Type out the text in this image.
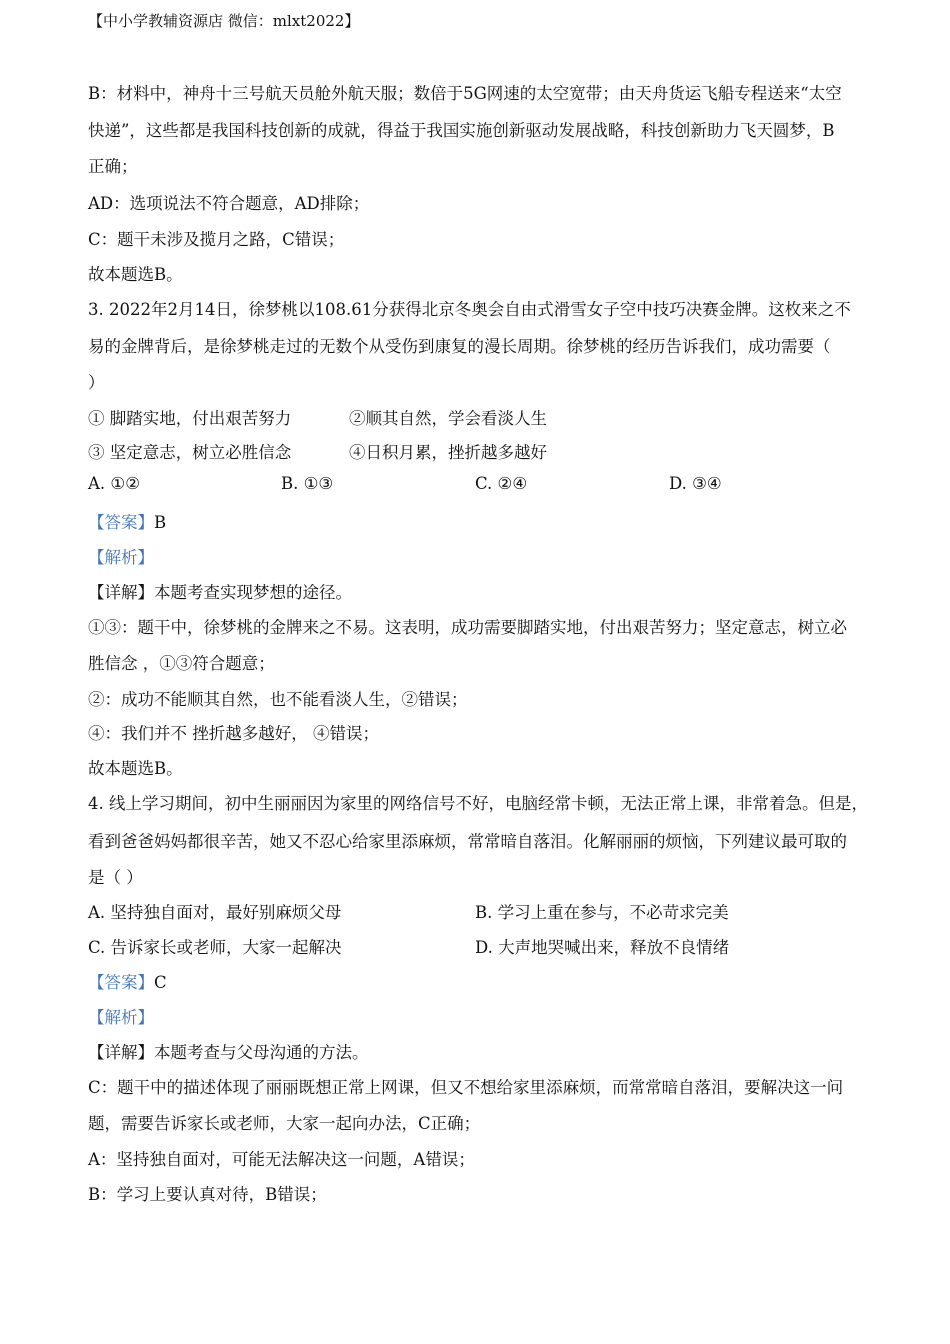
【中小学教辅资源店 微信：mlxt2022】
B：材料中，神舟十三号航天员舱外航天服；数倍于5G网速的太空宽带；由天舟货运飞船专程送来“太空
快递”，这些都是我国科技创新的成就，得益于我国实施创新驱动发展战略，科技创新助力飞天圆梦，B
正确；
AD：选项说法不符合题意，AD排除；
C：题干未涉及揽月之路，C错误；
故本题选B。
3. 2022年2月14日，徐梦桃以108.61分获得北京冬奥会自由式滑雪女子空中技巧决赛金牌。这枚来之不
易的金牌背后，是徐梦桃走过的无数个从受伤到康复的漫长周期。徐梦桃的经历告诉我们，成功需要（
）
① 脚踏实地，付出艰苦努力	②顺其自然，学会看淡人生
③ 坚定意志，树立必胜信念	④日积月累，挫折越多越好
A. ①②	B. ①③	C. ②④	D. ③④
【答案】B
【解析】
【详解】本题考查实现梦想的途径。
①③：题干中，徐梦桃的金牌来之不易。这表明，成功需要脚踏实地，付出艰苦努力；坚定意志，树立必
胜信念 ，①③符合题意；
②：成功不能顺其自然，也不能看淡人生，②错误；
④：我们并不 挫折越多越好， ④错误；
故本题选B。
4. 线上学习期间，初中生丽丽因为家里的网络信号不好，电脑经常卡顿，无法正常上课，非常着急。但是，
看到爸爸妈妈都很辛苦，她又不忍心给家里添麻烦，常常暗自落泪。化解丽丽的烦恼，下列建议最可取的
是（ ）
A. 坚持独自面对，最好别麻烦父母	B. 学习上重在参与，不必苛求完美
C. 告诉家长或老师，大家一起解决	D. 大声地哭喊出来，释放不良情绪
【答案】C
【解析】
【详解】本题考查与父母沟通的方法。
C：题干中的描述体现了丽丽既想正常上网课，但又不想给家里添麻烦，而常常暗自落泪，要解决这一问
题，需要告诉家长或老师，大家一起向办法，C正确；
A：坚持独自面对，可能无法解决这一问题，A错误；
B：学习上要认真对待，B错误；
